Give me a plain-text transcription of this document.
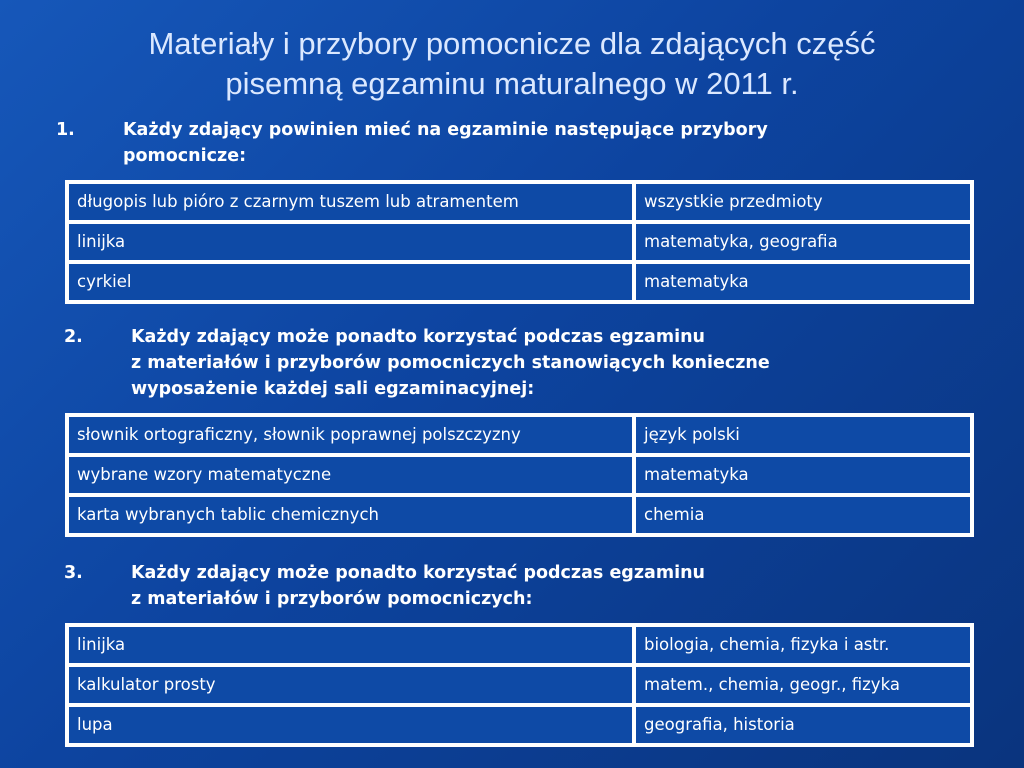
Materiały i przybory pomocnicze dla zdających część
pisemną egzaminu maturalnego w 2011 r.
1.	Każdy zdający powinien mieć na egzaminie następujące przybory
pomocnicze:
długopis lub pióro z czarnym tuszem lub atramentem	wszystkie przedmioty
linijka	matematyka, geografia
cyrkiel	matematyka
2.	Każdy zdający może ponadto korzystać podczas egzaminu
z materiałów i przyborów pomocniczych stanowiących konieczne
wyposażenie każdej sali egzaminacyjnej:
słownik ortograficzny, słownik poprawnej polszczyzny	język polski
wybrane wzory matematyczne	matematyka
karta wybranych tablic chemicznych	chemia
3.	Każdy zdający może ponadto korzystać podczas egzaminu
z materiałów i przyborów pomocniczych:
linijka	biologia, chemia, fizyka i astr.
kalkulator prosty	matem., chemia, geogr., fizyka
lupa	geografia, historia
